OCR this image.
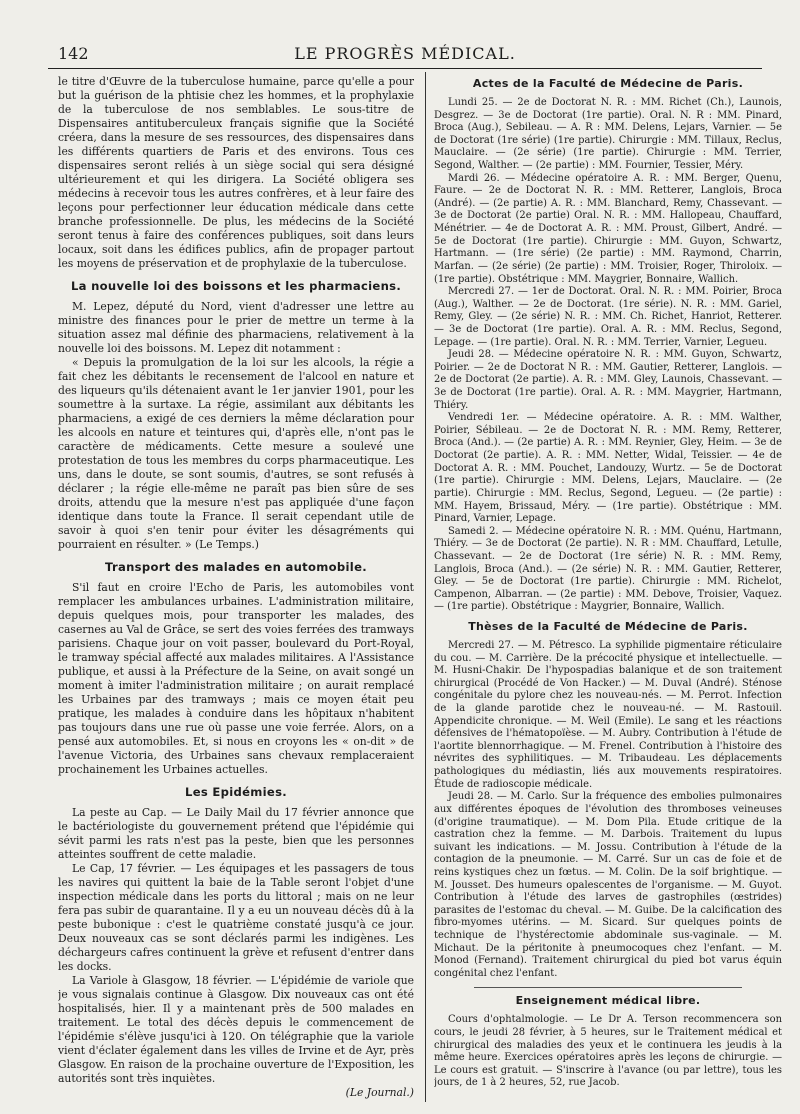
142	LE PROGRÈS MÉDICAL.

le titre d'Œuvre de la tuberculose humaine, parce qu'elle a pour but la guérison de la phtisie chez les hommes, et la prophylaxie de la tuberculose de nos semblables. Le sous-titre de Dispensaires antituberculeux français signifie que la Société créera, dans la mesure de ses ressources, des dispensaires dans les différents quartiers de Paris et des environs. Tous ces dispensaires seront reliés à un siège social qui sera désigné ultérieurement et qui les dirigera. La Société obligera ses médecins à recevoir tous les autres confrères, et à leur faire des leçons pour perfectionner leur éducation médicale dans cette branche professionnelle. De plus, les médecins de la Société seront tenus à faire des conférences publiques, soit dans leurs locaux, soit dans les édifices publics, afin de propager partout les moyens de préservation et de prophylaxie de la tuberculose.

La nouvelle loi des boissons et les pharmaciens.

M. Lepez, député du Nord, vient d'adresser une lettre au ministre des finances pour le prier de mettre un terme à la situation assez mal définie des pharmaciens, relativement à la nouvelle loi des boissons. M. Lepez dit notamment :

« Depuis la promulgation de la loi sur les alcools, la régie a fait chez les débitants le recensement de l'alcool en nature et des liqueurs qu'ils détenaient avant le 1er janvier 1901, pour les soumettre à la surtaxe. La régie, assimilant aux débitants les pharmaciens, a exigé de ces derniers la même déclaration pour les alcools en nature et teintures qui, d'après elle, n'ont pas le caractère de médicaments. Cette mesure a soulevé une protestation de tous les membres du corps pharmaceutique. Les uns, dans le doute, se sont soumis, d'autres, se sont refusés à déclarer ; la régie elle-même ne paraît pas bien sûre de ses droits, attendu que la mesure n'est pas appliquée d'une façon identique dans toute la France. Il serait cependant utile de savoir à quoi s'en tenir pour éviter les désagréments qui pourraient en résulter. » (Le Temps.)

Transport des malades en automobile.

S'il faut en croire l'Echo de Paris, les automobiles vont remplacer les ambulances urbaines. L'administration militaire, depuis quelques mois, pour transporter les malades, des casernes au Val de Grâce, se sert des voies ferrées des tramways parisiens. Chaque jour on voit passer, boulevard du Port-Royal, le tramway spécial affecté aux malades militaires. A l'Assistance publique, et aussi à la Préfecture de la Seine, on avait songé un moment à imiter l'administration militaire ; on aurait remplacé les Urbaines par des tramways ; mais ce moyen était peu pratique, les malades à conduire dans les hôpitaux n'habitent pas toujours dans une rue où passe une voie ferrée. Alors, on a pensé aux automobiles. Et, si nous en croyons les « on-dit » de l'avenue Victoria, des Urbaines sans chevaux remplaceraient prochainement les Urbaines actuelles.

Les Epidémies.

La peste au Cap. — Le Daily Mail du 17 février annonce que le bactériologiste du gouvernement prétend que l'épidémie qui sévit parmi les rats n'est pas la peste, bien que les personnes atteintes souffrent de cette maladie.

Le Cap, 17 février. — Les équipages et les passagers de tous les navires qui quittent la baie de la Table seront l'objet d'une inspection médicale dans les ports du littoral ; mais on ne leur fera pas subir de quarantaine. Il y a eu un nouveau décès dû à la peste bubonique : c'est le quatrième constaté jusqu'à ce jour. Deux nouveaux cas se sont déclarés parmi les indigènes. Les déchargeurs cafres continuent la grève et refusent d'entrer dans les docks.

La Variole à Glasgow, 18 février. — L'épidémie de variole que je vous signalais continue à Glasgow. Dix nouveaux cas ont été hospitalisés, hier. Il y a maintenant près de 500 malades en traitement. Le total des décès depuis le commencement de l'épidémie s'élève jusqu'ici à 120. On télégraphie que la variole vient d'éclater également dans les villes de Irvine et de Ayr, près Glasgow. En raison de la prochaine ouverture de l'Exposition, les autorités sont très inquiètes.

(Le Journal.)
Actes de la Faculté de Médecine de Paris.

Lundi 25. — 2e de Doctorat N. R. : MM. Richet (Ch.), Launois, Desgrez. — 3e de Doctorat (1re partie). Oral. N. R : MM. Pinard, Broca (Aug.), Sebileau. — A. R : MM. Delens, Lejars, Varnier. — 5e de Doctorat (1re série) (1re partie). Chirurgie : MM. Tillaux, Reclus, Mauclaire. — (2e série) (1re partie). Chirurgie : MM. Terrier, Segond, Walther. — (2e partie) : MM. Fournier, Tessier, Méry.

Mardi 26. — Médecine opératoire A. R. : MM. Berger, Quenu, Faure. — 2e de Doctorat N. R. : MM. Retterer, Langlois, Broca (André). — (2e partie) A. R. : MM. Blanchard, Remy, Chassevant. — 3e de Doctorat (2e partie) Oral. N. R. : MM. Hallopeau, Chauffard, Ménétrier. — 4e de Doctorat A. R. : MM. Proust, Gilbert, André. — 5e de Doctorat (1re partie). Chirurgie : MM. Guyon, Schwartz, Hartmann. — (1re série) (2e partie) : MM. Raymond, Charrin, Marfan. — (2e série) (2e partie) : MM. Troisier, Roger, Thiroloix. — (1re partie). Obstétrique : MM. Maygrier, Bonnaire, Wallich.

Mercredi 27. — 1er de Doctorat. Oral. N. R. : MM. Poirier, Broca (Aug.), Walther. — 2e de Doctorat. (1re série). N. R. : MM. Gariel, Remy, Gley. — (2e série) N. R. : MM. Ch. Richet, Hanriot, Retterer. — 3e de Doctorat (1re partie). Oral. A. R. : MM. Reclus, Segond, Lepage. — (1re partie). Oral. N. R. : MM. Terrier, Varnier, Legueu.

Jeudi 28. — Médecine opératoire N. R. : MM. Guyon, Schwartz, Poirier. — 2e de Doctorat N R. : MM. Gautier, Retterer, Langlois. — 2e de Doctorat (2e partie). A. R. : MM. Gley, Launois, Chassevant. — 3e de Doctorat (1re partie). Oral. A. R. : MM. Maygrier, Hartmann, Thiéry.

Vendredi 1er. — Médecine opératoire. A. R. : MM. Walther, Poirier, Sébileau. — 2e de Doctorat N. R. : MM. Remy, Retterer, Broca (And.). — (2e partie) A. R. : MM. Reynier, Gley, Heim. — 3e de Doctorat (2e partie). A. R. : MM. Netter, Widal, Teissier. — 4e de Doctorat A. R. : MM. Pouchet, Landouzy, Wurtz. — 5e de Doctorat (1re partie). Chirurgie : MM. Delens, Lejars, Mauclaire. — (2e partie). Chirurgie : MM. Reclus, Segond, Legueu. — (2e partie) : MM. Hayem, Brissaud, Méry. — (1re partie). Obstétrique : MM. Pinard, Varnier, Lepage.

Samedi 2. — Médecine opératoire N. R. : MM. Quénu, Hartmann, Thiéry. — 3e de Doctorat (2e partie). N. R : MM. Chauffard, Letulle, Chassevant. — 2e de Doctorat (1re série) N. R. : MM. Remy, Langlois, Broca (And.). — (2e série) N. R. : MM. Gautier, Retterer, Gley. — 5e de Doctorat (1re partie). Chirurgie : MM. Richelot, Campenon, Albarran. — (2e partie) : MM. Debove, Troisier, Vaquez. — (1re partie). Obstétrique : Maygrier, Bonnaire, Wallich.

Thèses de la Faculté de Médecine de Paris.

Mercredi 27. — M. Pétresco. La syphilide pigmentaire réticulaire du cou. — M. Carrière. De la précocité physique et intellectuelle. — M. Husni-Chakir. De l'hypospadias balanique et de son traitement chirurgical (Procédé de Von Hacker.) — M. Duval (André). Sténose congénitale du pylore chez les nouveau-nés. — M. Perrot. Infection de la glande parotide chez le nouveau-né. — M. Rastouil. Appendicite chronique. — M. Weil (Emile). Le sang et les réactions défensives de l'hématopoïèse. — M. Aubry. Contribution à l'étude de l'aortite blennorrhagique. — M. Frenel. Contribution à l'histoire des névrites des syphilitiques. — M. Tribaudeau. Les déplacements pathologiques du médiastin, liés aux mouvements respiratoires. Étude de radioscopie médicale.

Jeudi 28. — M. Carlo. Sur la fréquence des embolies pulmonaires aux différentes époques de l'évolution des thromboses veineuses (d'origine traumatique). — M. Dom Pila. Etude critique de la castration chez la femme. — M. Darbois. Traitement du lupus suivant les indications. — M. Jossu. Contribution à l'étude de la contagion de la pneumonie. — M. Carré. Sur un cas de foie et de reins kystiques chez un fœtus. — M. Colin. De la soif brightique. — M. Jousset. Des humeurs opalescentes de l'organisme. — M. Guyot. Contribution à l'étude des larves de gastrophiles (œstrides) parasites de l'estomac du cheval. — M. Guibe. De la calcification des fibro-myomes utérins. — M. Sicard. Sur quelques points de technique de l'hystérectomie abdominale sus-vaginale. — M. Michaut. De la péritonite à pneumocoques chez l'enfant. — M. Monod (Fernand). Traitement chirurgical du pied bot varus équin congénital chez l'enfant.

Enseignement médical libre.

Cours d'ophtalmologie. — Le Dr A. Terson recommencera son cours, le jeudi 28 février, à 5 heures, sur le Traitement médical et chirurgical des maladies des yeux et le continuera les jeudis à la même heure. Exercices opératoires après les leçons de chirurgie. — Le cours est gratuit. — S'inscrire à l'avance (ou par lettre), tous les jours, de 1 à 2 heures, 52, rue Jacob.
